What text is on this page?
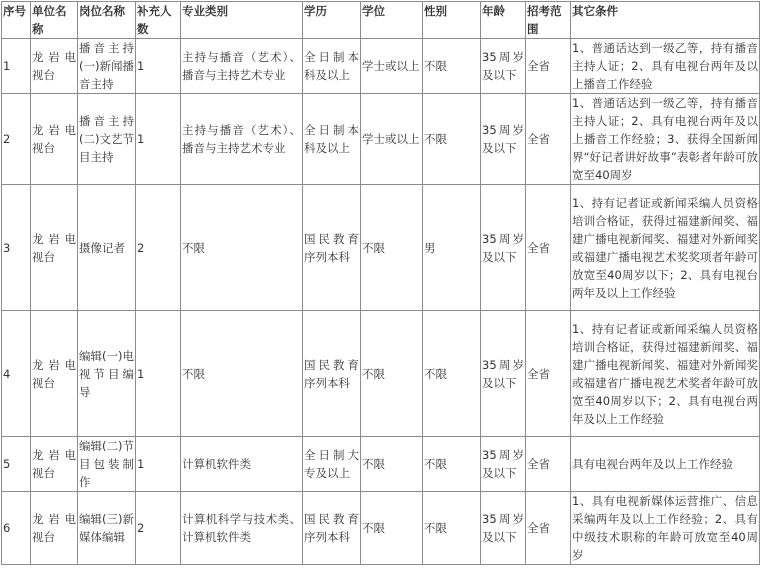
序号	单位名称	岗位名称	补充人数	专业类别	学历	学位	性别	年龄	招考范围	其它条件
1	龙岩电视台	播音主持(一)新闻播音主持	1	主持与播音（艺术）、播音与主持艺术专业	全日制本科及以上	学士或以上	不限	35周岁及以下	全省	1、普通话达到一级乙等，持有播音主持人证；2、具有电视台两年及以上播音工作经验
2	龙岩电视台	播音主持(二)文艺节目主持	1	主持与播音（艺术）、播音与主持艺术专业	全日制本科及以上	学士或以上	不限	35周岁及以下	全省	1、普通话达到一级乙等，持有播音主持人证；2、具有电视台两年及以上播音工作经验；3、获得全国新闻界“好记者讲好故事”表彰者年龄可放宽至40周岁
3	龙岩电视台	摄像记者	2	不限	国民教育序列本科	不限	男	35周岁及以下	全省	1、持有记者证或新闻采编人员资格培训合格证，获得过福建新闻奖、福建广播电视新闻奖、福建对外新闻奖或福建广播电视艺术奖奖项者年龄可放宽至40周岁以下；2、具有电视台两年及以上工作经验
4	龙岩电视台	编辑(一)电视节目编导	1	不限	国民教育序列本科	不限	不限	35周岁及以下	全省	1、持有记者证或新闻采编人员资格培训合格证，获得过福建新闻奖、福建广播电视新闻奖、福建对外新闻奖或福建省广播电视艺术奖者年龄可放宽至40周岁以下；2、具有电视台两年及以上工作经验
5	龙岩电视台	编辑(二)节目包装制作	1	计算机软件类	全日制大专及以上	不限	不限	35周岁及以下	全省	具有电视台两年及以上工作经验
6	龙岩电视台	编辑(三)新媒体编辑	2	计算机科学与技术类、计算机软件类	国民教育序列本科	不限	不限	35周岁及以下	全省	1、具有电视新媒体运营推广、信息采编两年及以上工作经验；2、具有中级技术职称的年龄可放宽至40周岁
